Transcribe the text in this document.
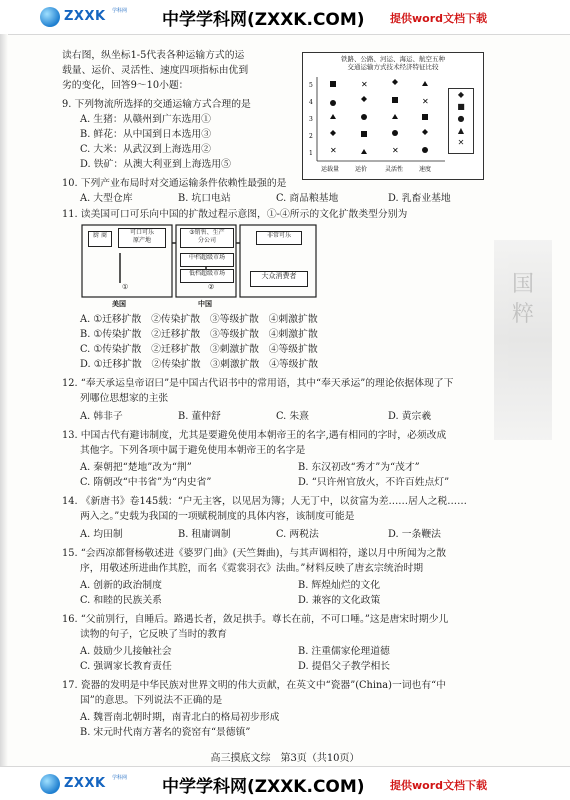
ZXXK 学科网 中学学科网(ZXXK.COM) 提供word文档下载
读右图，纵坐标1-5代表各种运输方式的运
载量、运价、灵活性、速度四项指标由优到
劣的变化，回答9～10小题：
铁路、公路、河运、海运、航空五种
交通运输方式技术经济特征比较
5
4
3
2
1 ✕
✕
✕
✕
运载量	运价	灵活性	速度
◆
■
●
▲
✕
9. 下列物流所选择的交通运输方式合理的是
A. 生猪：从赣州到广东选用①
B. 鲜花：从中国到日本选用③
C. 大米：从武汉到上海选用②
D. 铁矿：从澳大利亚到上海选用⑤
10. 下列产业布局时对交通运输条件依赖性最强的是
A. 大型仓库	B. 坑口电站	C. 商品粮基地	D. 乳畜业基地
11. 读美国可口可乐向中国的扩散过程示意图，①-④所示的文化扩散类型分别为
厨 商	可口可乐
原产地
③销售、生产
分公司
中档超级市场
低档超级市场
非常可乐
大众消费者
①	②
美国	中国
A. ①迁移扩散　②传染扩散　③等级扩散　④刺激扩散
B. ①传染扩散　②迁移扩散　③等级扩散　④刺激扩散
C. ①传染扩散　②迁移扩散　③刺激扩散　④等级扩散
D. ①迁移扩散　②传染扩散　③刺激扩散　④等级扩散
12. “奉天承运皇帝诏曰”是中国古代诏书中的常用语，其中“奉天承运”的理论依据体现了下
列哪位思想家的主张
A. 韩非子	B. 董仲舒	C. 朱熹	D. 黄宗羲
13. 中国古代有避讳制度，尤其是要避免使用本朝帝王的名字,遇有相同的字时，必须改成
其他字。下列各项中属于避免使用本朝帝王的名字是
A. 秦朝把“楚地”改为“荆”	B. 东汉初改“秀才”为“茂才”
C. 隋朝改“中书省”为“内史省”	D. “只许州官放火，不许百姓点灯”
14. 《新唐书》卷145载：“户无主客，以见居为簿；人无丁中，以贫富为差……居人之税……
两入之。”史载为我国的一项赋税制度的具体内容，该制度可能是
A. 均田制	B. 租庸调制	C. 两税法	D. 一条鞭法
15. “会西凉都督杨敬述进《婆罗门曲》(天竺舞曲)，与其声调相符，遂以月中所闻为之散
序，用敬述所进曲作其腔，而名《霓裳羽衣》法曲。”材料反映了唐玄宗统治时期
A. 创新的政治制度	B. 辉煌灿烂的文化
C. 和睦的民族关系	D. 兼容的文化政策
16. “父前別行，自睡后。路遇长者，敛足拱手。尊长在前，不可口唾。”这是唐宋时期少儿
读物的句子，它反映了当时的教育
A. 鼓励少儿接触社会	B. 注重儒家伦理道德
C. 强调家长教育责任	D. 提倡父子教学相长
17. 瓷器的发明是中华民族对世界文明的伟大贡献，在英文中“瓷器”(China)一词也有“中
国”的意思。下列说法不正确的是
A. 魏晋南北朝时期，南青北白的格局初步形成
B. 宋元时代南方著名的瓷窑有“景德镇”
国粹
高三摸底文综　第3页（共10页）
ZXXK 学科网 中学学科网(ZXXK.COM) 提供word文档下载
